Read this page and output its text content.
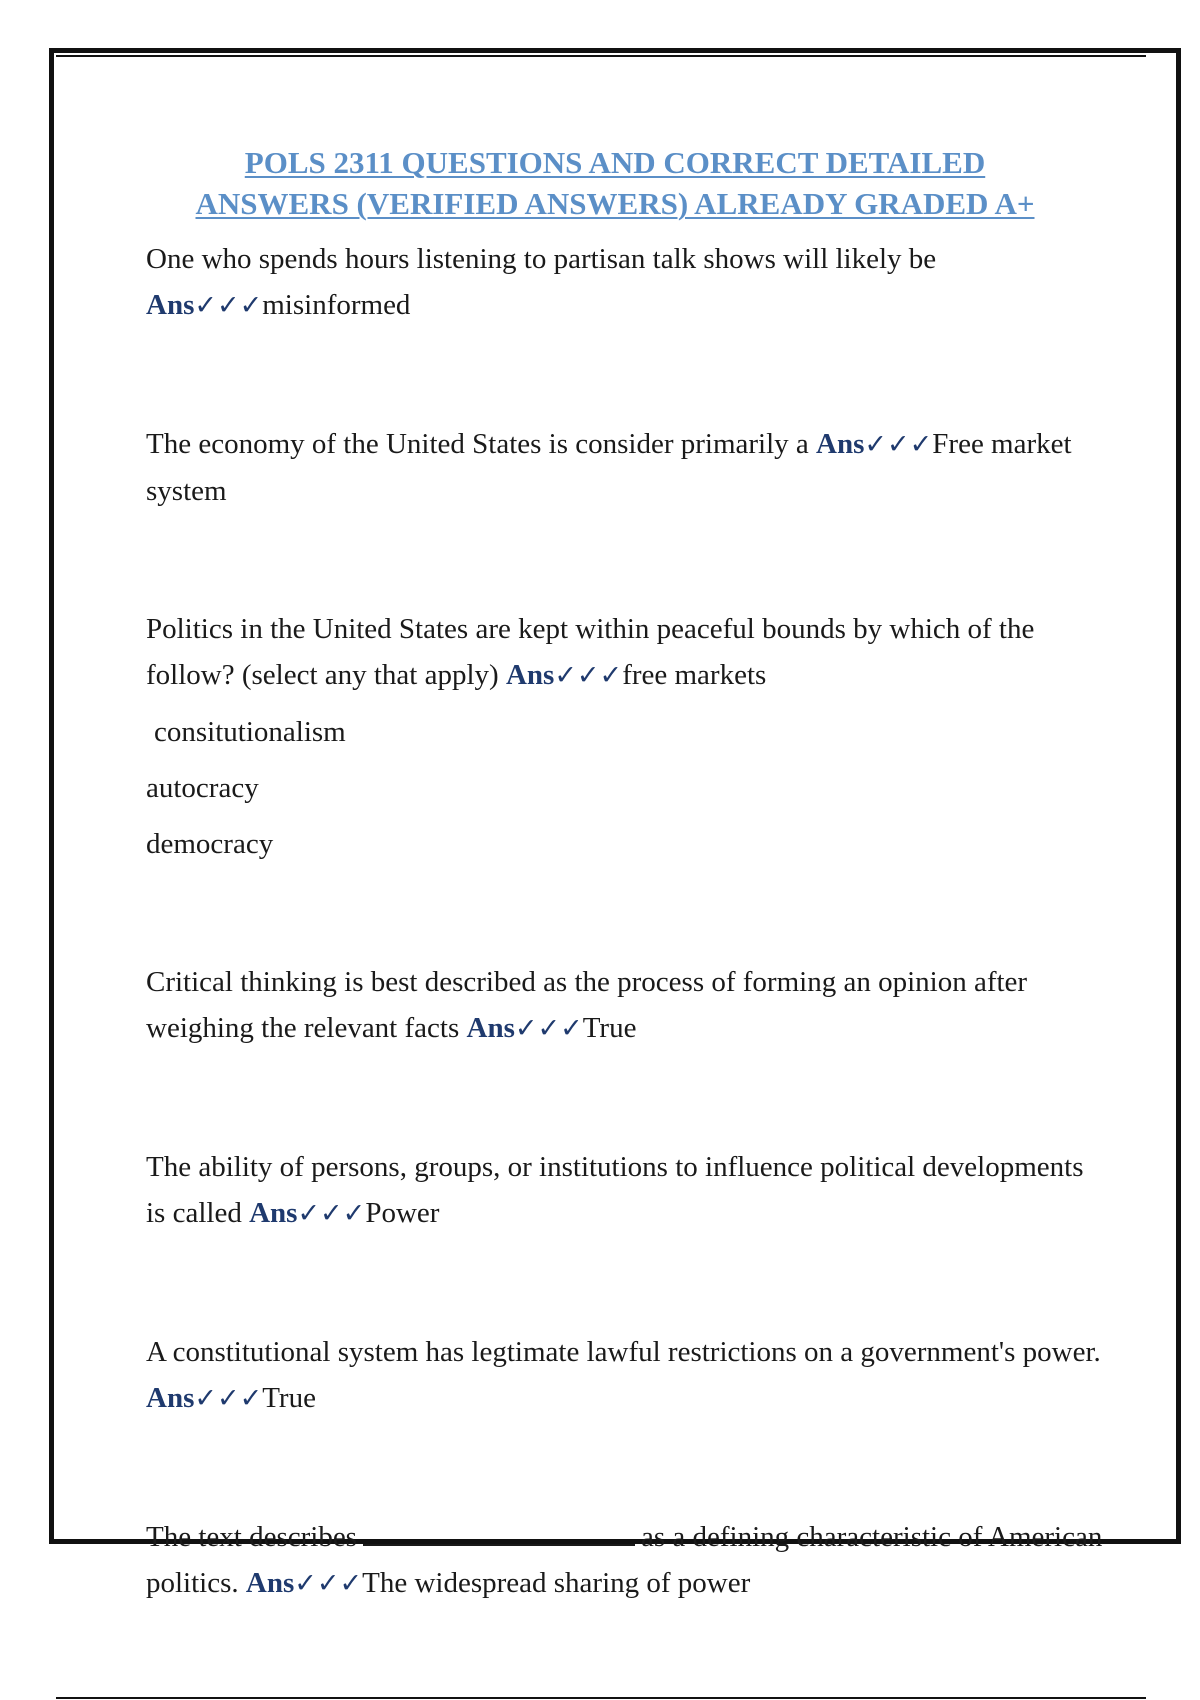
POLS 2311 QUESTIONS AND CORRECT DETAILED
ANSWERS (VERIFIED ANSWERS) ALREADY GRADED A+

One who spends hours listening to partisan talk shows will likely be
Ans✓✓✓misinformed

The economy of the United States is consider primarily a Ans✓✓✓Free market system

Politics in the United States are kept within peaceful bounds by which of the follow? (select any that apply) Ans✓✓✓free markets

consitutionalism

autocracy

democracy

Critical thinking is best described as the process of forming an opinion after weighing the relevant facts Ans✓✓✓True

The ability of persons, groups, or institutions to influence political developments is called Ans✓✓✓Power

A constitutional system has legtimate lawful restrictions on a government's power. Ans✓✓✓True

The text describes	as a defining characteristic of American politics. Ans✓✓✓The widespread sharing of power
